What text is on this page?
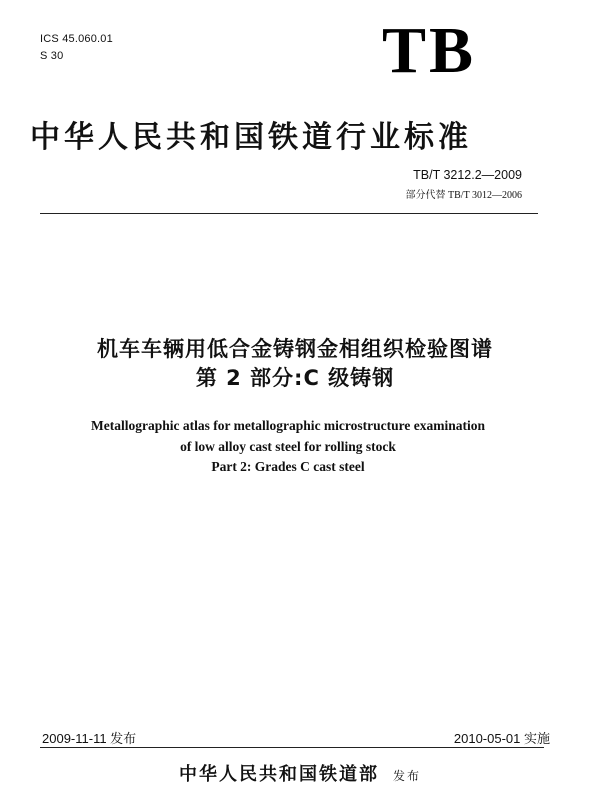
ICS 45.060.01
S 30	TB
中华人民共和国铁道行业标准
TB/T 3212.2—2009
部分代替 TB/T 3012—2006
机车车辆用低合金铸钢金相组织检验图谱
第 2 部分:C 级铸钢
Metallographic atlas for metallographic microstructure examination
of low alloy cast steel for rolling stock
Part 2: Grades C cast steel
2009-11-11 发布	2010-05-01 实施
中华人民共和国铁道部 发布
